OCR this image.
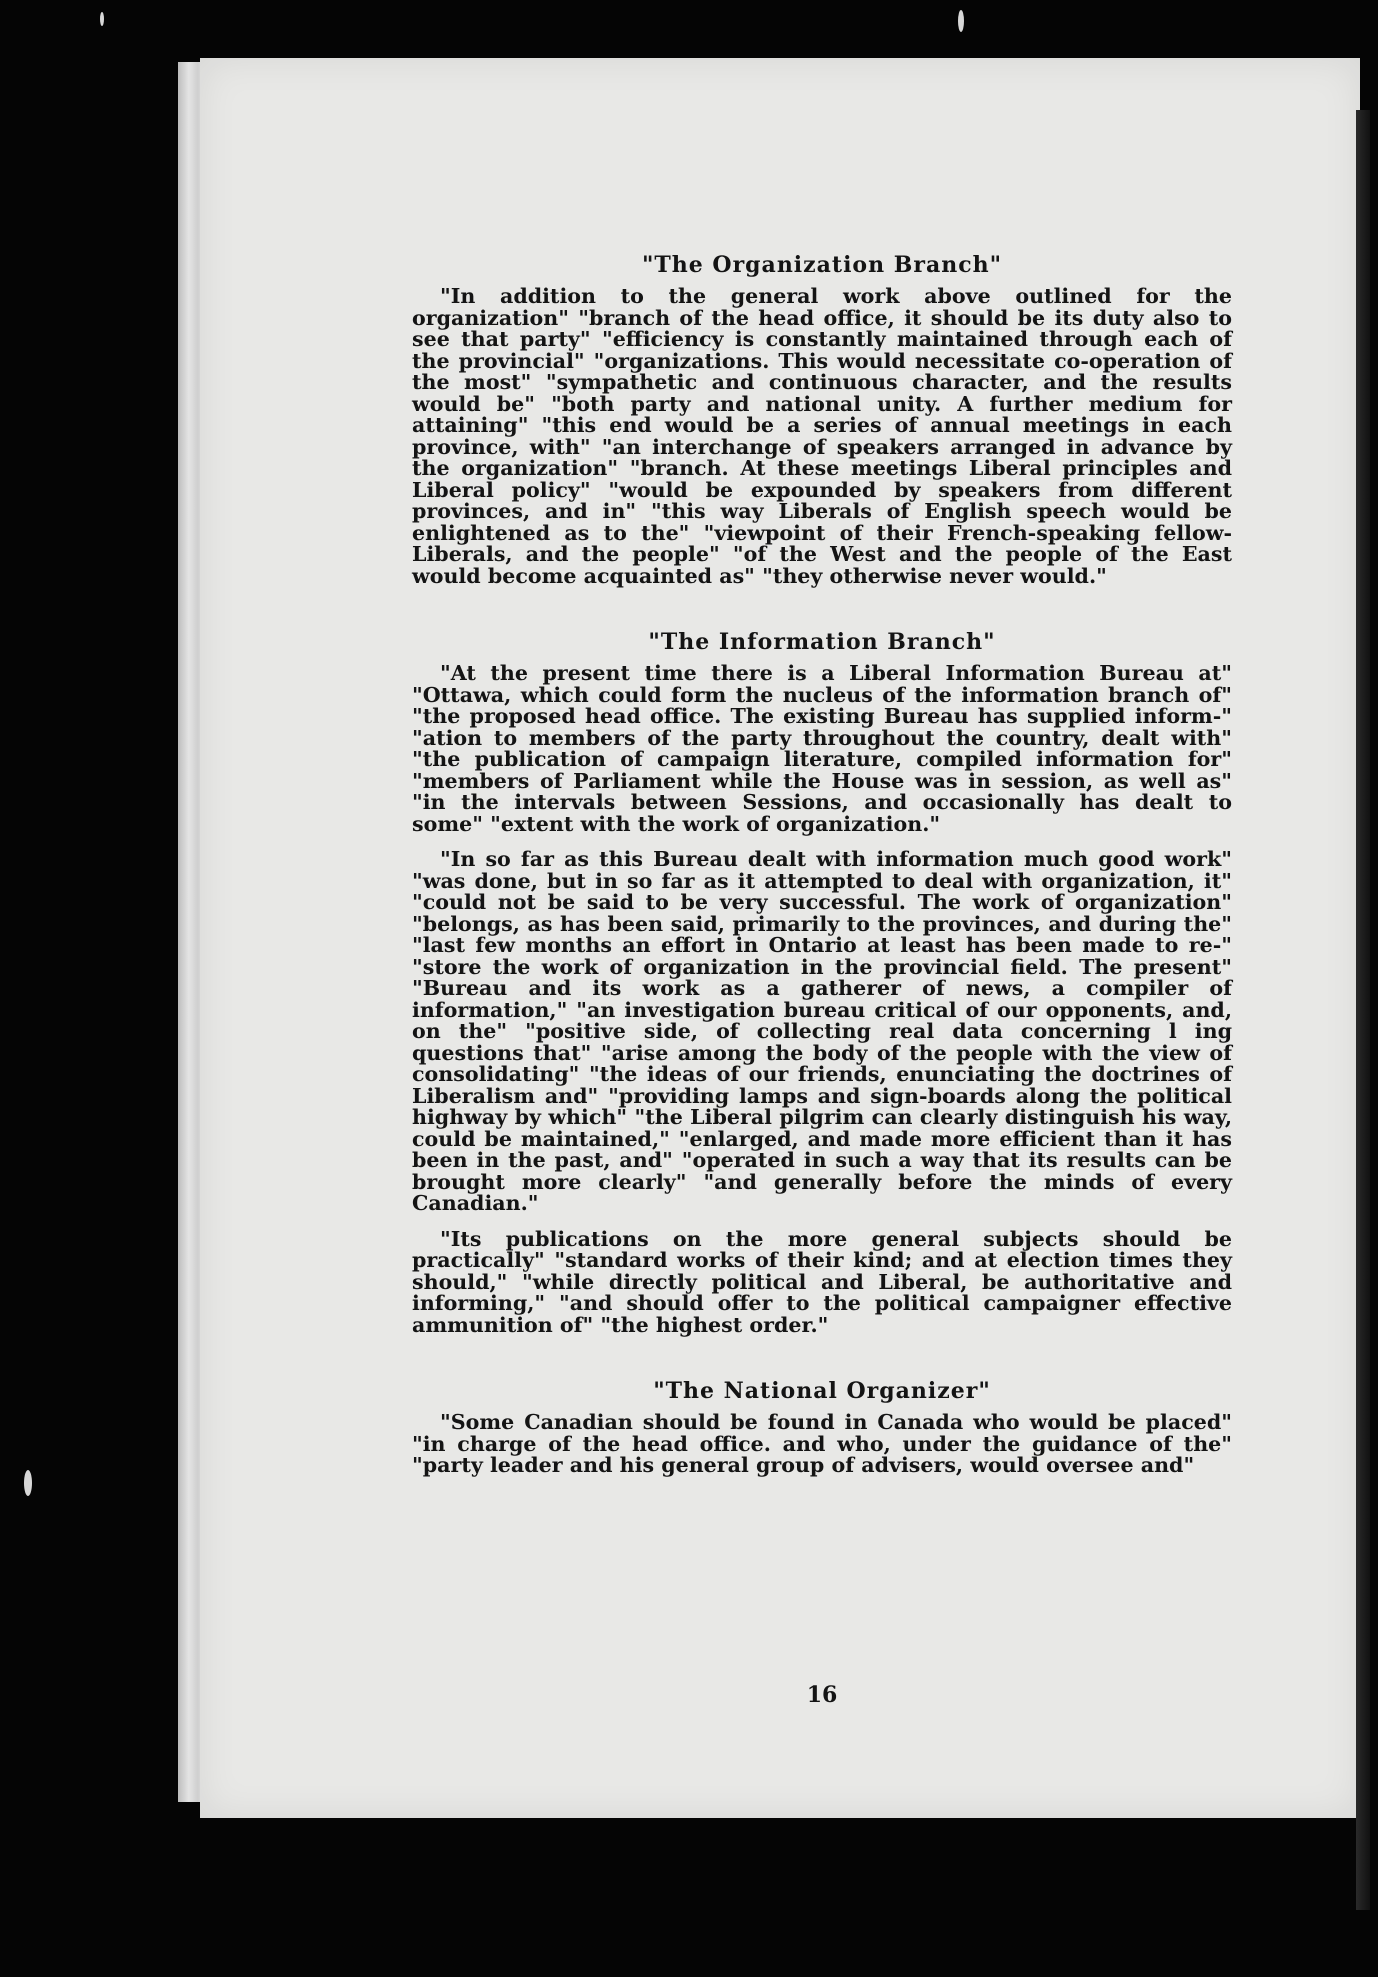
"The Organization Branch"

"In addition to the general work above outlined for the organization" "branch of the head office, it should be its duty also to see that party" "efficiency is constantly maintained through each of the provincial" "organizations. This would necessitate co-operation of the most" "sympathetic and continuous character, and the results would be" "both party and national unity. A further medium for attaining" "this end would be a series of annual meetings in each province, with" "an interchange of speakers arranged in advance by the organization" "branch. At these meetings Liberal principles and Liberal policy" "would be expounded by speakers from different provinces, and in" "this way Liberals of English speech would be enlightened as to the" "viewpoint of their French-speaking fellow-Liberals, and the people" "of the West and the people of the East would become acquainted as" "they otherwise never would."

"The Information Branch"

"At the present time there is a Liberal Information Bureau at" "Ottawa, which could form the nucleus of the information branch of" "the proposed head office. The existing Bureau has supplied inform-" "ation to members of the party throughout the country, dealt with" "the publication of campaign literature, compiled information for" "members of Parliament while the House was in session, as well as" "in the intervals between Sessions, and occasionally has dealt to some" "extent with the work of organization."

"In so far as this Bureau dealt with information much good work" "was done, but in so far as it attempted to deal with organization, it" "could not be said to be very successful. The work of organization" "belongs, as has been said, primarily to the provinces, and during the" "last few months an effort in Ontario at least has been made to re-" "store the work of organization in the provincial field. The present" "Bureau and its work as a gatherer of news, a compiler of information," "an investigation bureau critical of our opponents, and, on the" "positive side, of collecting real data concerning l ing questions that" "arise among the body of the people with the view of consolidating" "the ideas of our friends, enunciating the doctrines of Liberalism and" "providing lamps and sign-boards along the political highway by which" "the Liberal pilgrim can clearly distinguish his way, could be maintained," "enlarged, and made more efficient than it has been in the past, and" "operated in such a way that its results can be brought more clearly" "and generally before the minds of every Canadian."

"Its publications on the more general subjects should be practically" "standard works of their kind; and at election times they should," "while directly political and Liberal, be authoritative and informing," "and should offer to the political campaigner effective ammunition of" "the highest order."

"The National Organizer"

"Some Canadian should be found in Canada who would be placed" "in charge of the head office. and who, under the guidance of the" "party leader and his general group of advisers, would oversee and"

16
